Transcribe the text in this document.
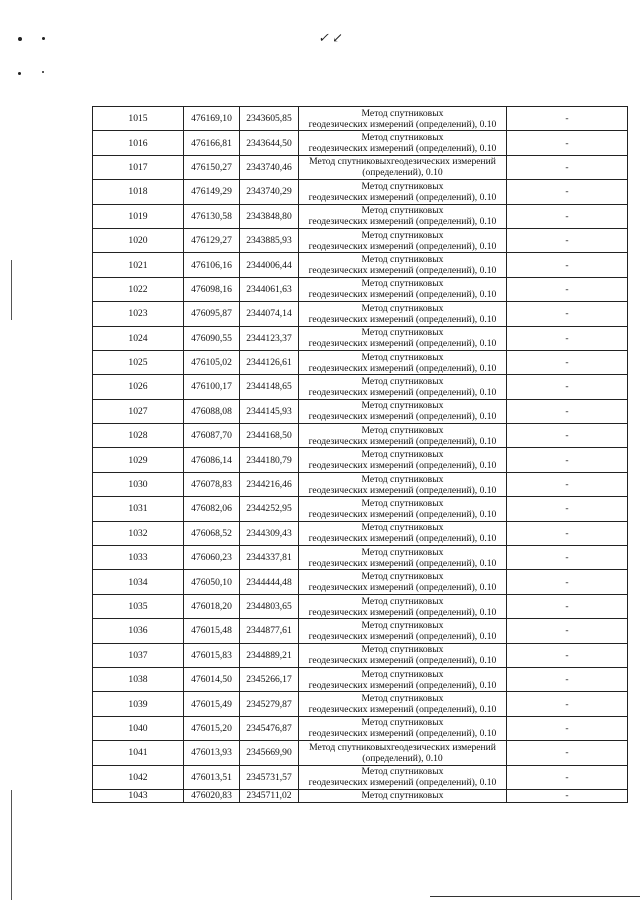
✓ ↙
1015	476169,10	2343605,85	Метод спутниковых
геодезических измерений (определений), 0.10	-
1016	476166,81	2343644,50	Метод спутниковых
геодезических измерений (определений), 0.10	-
1017	476150,27	2343740,46	Метод спутниковыхгеодезических измерений
(определений), 0.10	-
1018	476149,29	2343740,29	Метод спутниковых
геодезических измерений (определений), 0.10	-
1019	476130,58	2343848,80	Метод спутниковых
геодезических измерений (определений), 0.10	-
1020	476129,27	2343885,93	Метод спутниковых
геодезических измерений (определений), 0.10	-
1021	476106,16	2344006,44	Метод спутниковых
геодезических измерений (определений), 0.10	-
1022	476098,16	2344061,63	Метод спутниковых
геодезических измерений (определений), 0.10	-
1023	476095,87	2344074,14	Метод спутниковых
геодезических измерений (определений), 0.10	-
1024	476090,55	2344123,37	Метод спутниковых
геодезических измерений (определений), 0.10	-
1025	476105,02	2344126,61	Метод спутниковых
геодезических измерений (определений), 0.10	-
1026	476100,17	2344148,65	Метод спутниковых
геодезических измерений (определений), 0.10	-
1027	476088,08	2344145,93	Метод спутниковых
геодезических измерений (определений), 0.10	-
1028	476087,70	2344168,50	Метод спутниковых
геодезических измерений (определений), 0.10	-
1029	476086,14	2344180,79	Метод спутниковых
геодезических измерений (определений), 0.10	-
1030	476078,83	2344216,46	Метод спутниковых
геодезических измерений (определений), 0.10	-
1031	476082,06	2344252,95	Метод спутниковых
геодезических измерений (определений), 0.10	-
1032	476068,52	2344309,43	Метод спутниковых
геодезических измерений (определений), 0.10	-
1033	476060,23	2344337,81	Метод спутниковых
геодезических измерений (определений), 0.10	-
1034	476050,10	2344444,48	Метод спутниковых
геодезических измерений (определений), 0.10	-
1035	476018,20	2344803,65	Метод спутниковых
геодезических измерений (определений), 0.10	-
1036	476015,48	2344877,61	Метод спутниковых
геодезических измерений (определений), 0.10	-
1037	476015,83	2344889,21	Метод спутниковых
геодезических измерений (определений), 0.10	-
1038	476014,50	2345266,17	Метод спутниковых
геодезических измерений (определений), 0.10	-
1039	476015,49	2345279,87	Метод спутниковых
геодезических измерений (определений), 0.10	-
1040	476015,20	2345476,87	Метод спутниковых
геодезических измерений (определений), 0.10	-
1041	476013,93	2345669,90	Метод спутниковыхгеодезических измерений
(определений), 0.10	-
1042	476013,51	2345731,57	Метод спутниковых
геодезических измерений (определений), 0.10	-
1043	476020,83	2345711,02	Метод спутниковых	-
